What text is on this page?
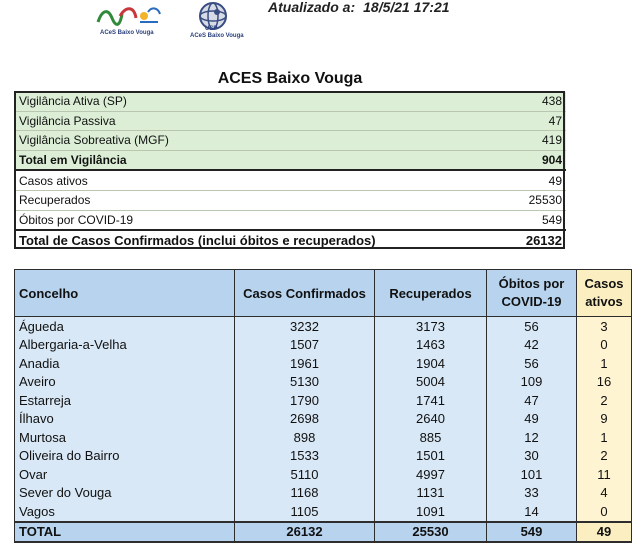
ACeS Baixo Vouga
USP
ACeS Baixo Vouga
Atualizado a: 18/5/21 17:21
ACES Baixo Vouga
Vigilância Ativa (SP)	438
Vigilância Passiva	47
Vigilância Sobreativa (MGF)	419
Total em Vigilância	904
Casos ativos	49
Recuperados	25530
Óbitos por COVID-19	549
Total de Casos Confirmados (inclui óbitos e recuperados)	26132
Concelho	Casos Confirmados	Recuperados	Óbitos por COVID-19	Casos ativos
Águeda	3232	3173	56	3
Albergaria-a-Velha	1507	1463	42	0
Anadia	1961	1904	56	1
Aveiro	5130	5004	109	16
Estarreja	1790	1741	47	2
Ílhavo	2698	2640	49	9
Murtosa	898	885	12	1
Oliveira do Bairro	1533	1501	30	2
Ovar	5110	4997	101	11
Sever do Vouga	1168	1131	33	4
Vagos	1105	1091	14	0
TOTAL	26132	25530	549	49
